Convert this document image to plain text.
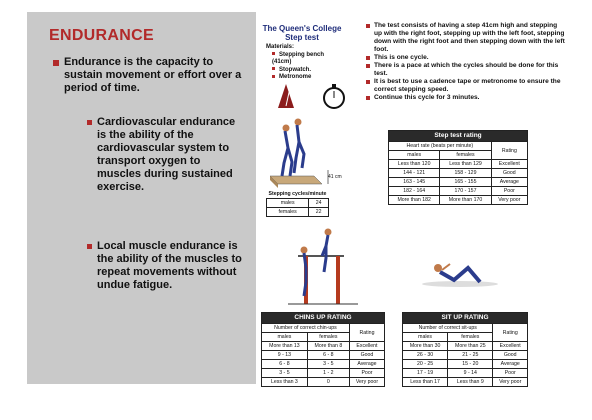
ENDURANCE
Endurance is the capacity to sustain movement or effort over a period of time.
Cardiovascular endurance is the ability of the cardiovascular system to transport oxygen to muscles during sustained exercise.
Local muscle endurance is the ability of the muscles to repeat movements without undue fatigue.
The Queen's College
Step test
Materials:
Stepping bench (41cm)
Stopwatch.
Metronome
41 cm
Stepping cycles/minute	
males	24
females	22
The test consists of having a step 41cm high and stepping up with the right foot, stepping up with the left foot, stepping down with the right foot and then stepping down with the left foot.
This is one cycle.
There is a pace at which the cycles should be done for this test.
It is best to use a cadence tape or metronome to ensure the correct stepping speed.
Continue this cycle for 3 minutes.
Step test rating		
Heart rate (beats per minute)		Rating
males	females	
Less than 120	Less than 129	Excellent
144 - 121	158 - 129	Good
163 - 145	165 - 155	Average
182 - 164	170 - 157	Poor
More than 182	More than 170	Very poor
CHINS UP RATING		
Number of correct chin-ups		Rating
males	females	
More than 13	More than 8	Excellent
9 - 13	6 - 8	Good
6 - 8	3 - 5	Average
3 - 5	1 - 2	Poor
Less than 3	0	Very poor
SIT UP RATING		
Number of correct sit-ups		Rating
males	females	
More than 30	More than 25	Excellent
26 - 30	21 - 25	Good
20 - 25	15 - 20	Average
17 - 19	9 - 14	Poor
Less than 17	Less than 9	Very poor
